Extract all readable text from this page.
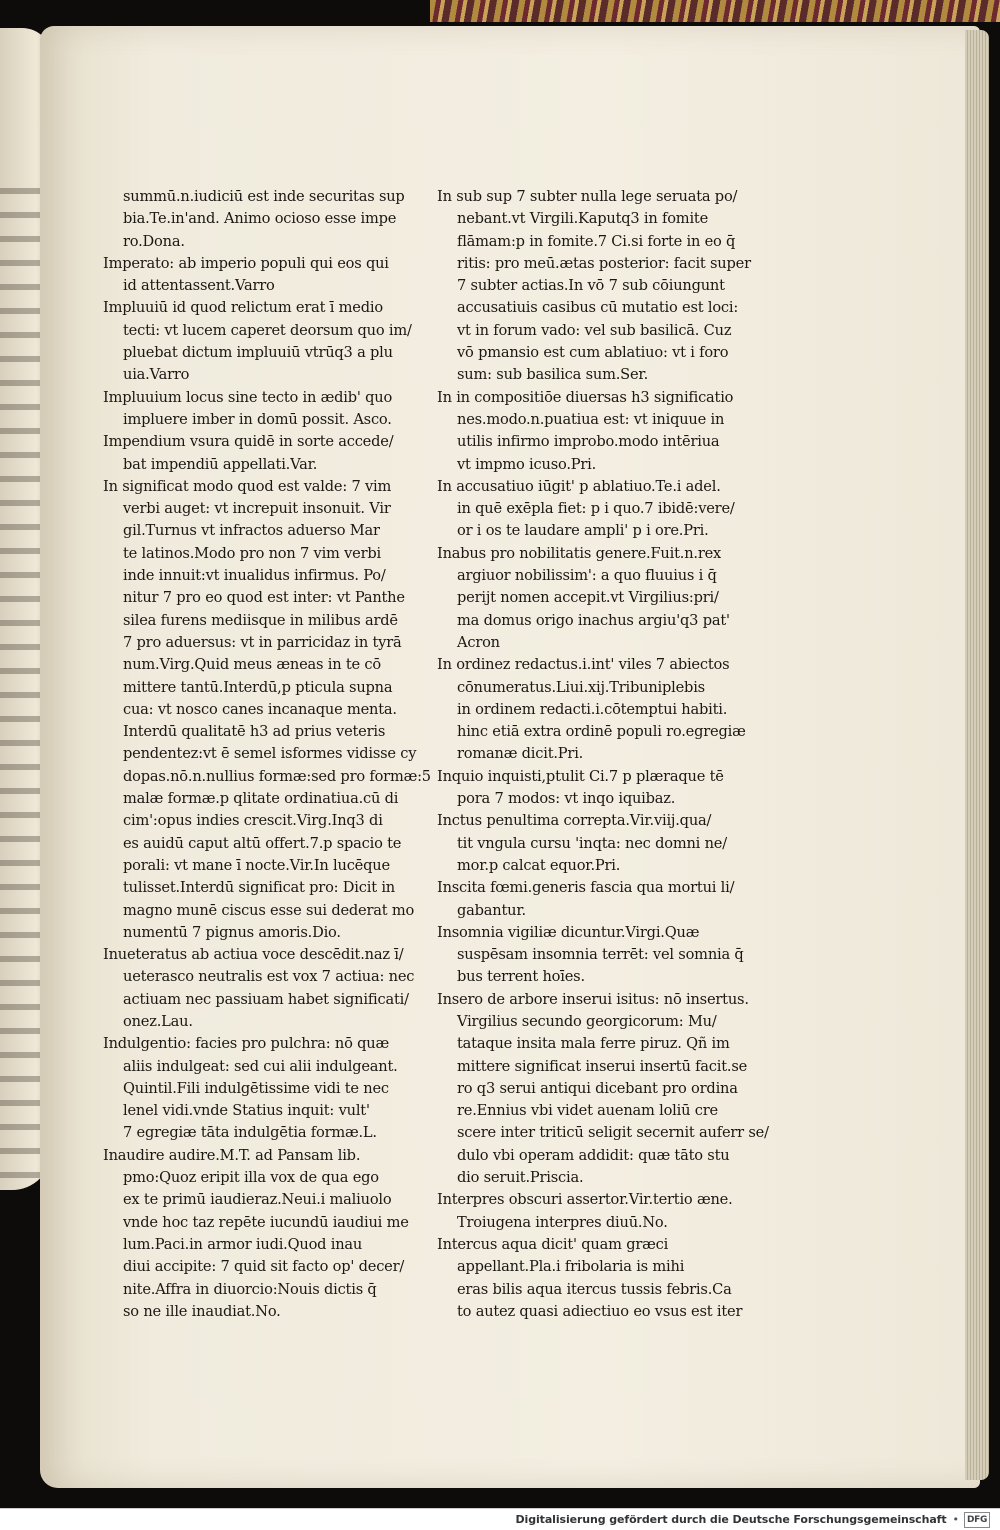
summū.n.iudiciū est inde securitas sup
bia.Te.in'and. Animo ocioso esse impe
ro.Dona.
Imperato: ab imperio populi qui eos qui
id attentassent.Varro
Impluuiū id quod relictum erat ī medio
tecti: vt lucem caperet deorsum quo im/
pluebat dictum impluuiū vtrūq3 a plu
uia.Varro
Impluuium locus sine tecto in ædib' quo
impluere imber in domū possit. Asco.
Impendium vsura quidē in sorte accede/
bat impendiū appellati.Var.
In significat modo quod est valde: 7 vim
verbi auget: vt increpuit insonuit. Vir
gil.Turnus vt infractos aduerso Mar
te latinos.Modo pro non 7 vim verbi
inde innuit:vt inualidus infirmus. Po/
nitur 7 pro eo quod est inter: vt Panthe
silea furens mediisque in milibus ardē
7 pro aduersus: vt in parricidaz in tyrā
num.Virg.Quid meus æneas in te cō
mittere tantū.Interdū,p pticula supna
cua: vt nosco canes incanaque menta.
Interdū qualitatē h3 ad prius veteris
pendentez:vt ē semel isformes vidisse cy
dopas.nō.n.nullius formæ:sed pro formæ:5
malæ formæ.p qlitate ordinatiua.cū di
cim':opus indies crescit.Virg.Inq3 di
es auidū caput altū offert.7.p spacio te
porali: vt mane ī nocte.Vir.In lucēque
tulisset.Interdū significat pro: Dicit in
magno munē ciscus esse sui dederat mo
numentū 7 pignus amoris.Dio.
Inueteratus ab actiua voce descēdit.naz ī/
ueterasco neutralis est vox 7 actiua: nec
actiuam nec passiuam habet significati/
onez.Lau.
Indulgentio: facies pro pulchra: nō quæ
aliis indulgeat: sed cui alii indulgeant.
Quintil.Fili indulgētissime vidi te nec
lenel vidi.vnde Statius inquit: vult'
7 egregiæ tāta indulgētia formæ.L.
Inaudire audire.M.T. ad Pansam lib.
pmo:Quoz eripit illa vox de qua ego
ex te primū iaudieraz.Neui.i maliuolo
vnde hoc taz repēte iucundū iaudiui me
lum.Paci.in armor iudi.Quod inau
diui accipite: 7 quid sit facto op' decer/
nite.Affra in diuorcio:Nouis dictis q̄
so ne ille inaudiat.No.
In sub sup 7 subter nulla lege seruata po/
nebant.vt Virgili.Kaputq3 in fomite
flāmam:p in fomite.7 Ci.si forte in eo q̄
ritis: pro meū.ætas posterior: facit super
7 subter actias.In vō 7 sub cōiungunt
accusatiuis casibus cū mutatio est loci:
vt in forum vado: vel sub basilicā. Cuz
vō pmansio est cum ablatiuo: vt i foro
sum: sub basilica sum.Ser.
In in compositiōe diuersas h3 significatio
nes.modo.n.puatiua est: vt iniquue in
utilis infirmo improbo.modo intēriua
vt impmo icuso.Pri.
In accusatiuo iūgit' p ablatiuo.Te.i adel.
in quē exēpla fiet: p i quo.7 ibidē:vere/
or i os te laudare ampli' p i ore.Pri.
Inabus pro nobilitatis genere.Fuit.n.rex
argiuor nobilissim': a quo fluuius i q̄
perijt nomen accepit.vt Virgilius:pri/
ma domus origo inachus argiu'q3 pat'
Acron
In ordinez redactus.i.int' viles 7 abiectos
cōnumeratus.Liui.xij.Tribuniplebis
in ordinem redacti.i.cōtemptui habiti.
hinc etiā extra ordinē populi ro.egregiæ
romanæ dicit.Pri.
Inquio inquisti,ptulit Ci.7 p plæraque tē
pora 7 modos: vt inqo iquibaz.
Inctus penultima correpta.Vir.viij.qua/
tit vngula cursu 'inqta: nec domni ne/
mor.p calcat equor.Pri.
Inscita fœmi.generis fascia qua mortui li/
gabantur.
Insomnia vigiliæ dicuntur.Virgi.Quæ
suspēsam insomnia terrēt: vel somnia q̄
bus terrent hoīes.
Insero de arbore inserui isitus: nō insertus.
Virgilius secundo georgicorum: Mu/
tataque insita mala ferre piruz. Qñ im
mittere significat inserui insertū facit.se
ro q3 serui antiqui dicebant pro ordina
re.Ennius vbi videt auenam loliū cre
scere inter triticū seligit secernit auferr se/
dulo vbi operam addidit: quæ tāto stu
dio seruit.Priscia.
Interpres obscuri assertor.Vir.tertio æne.
Troiugena interpres diuū.No.
Intercus aqua dicit' quam græci
appellant.Pla.i fribolaria is mihi
eras bilis aqua itercus tussis febris.Ca
to autez quasi adiectiuo eo vsus est iter
Digitalisierung gefördert durch die Deutsche Forschungsgemeinschaft • DFG
